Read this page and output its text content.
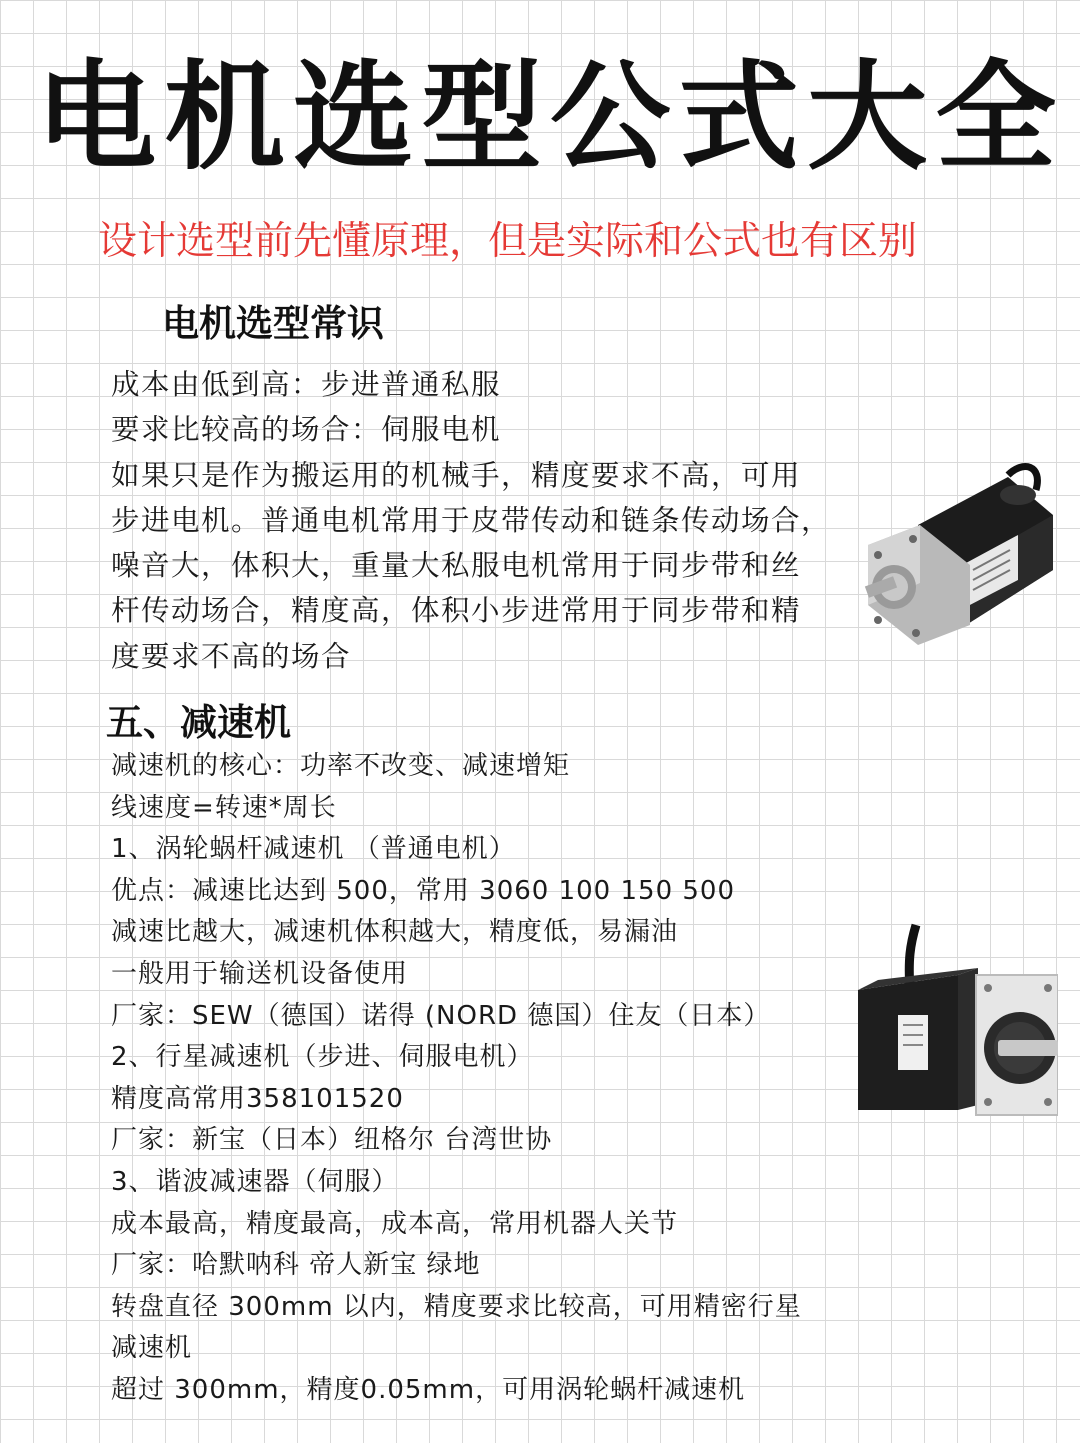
电机选型公式大全
设计选型前先懂原理，但是实际和公式也有区别
电机选型常识
成本由低到高：步进普通私服
要求比较高的场合：伺服电机
如果只是作为搬运用的机械手，精度要求不高，可用
步进电机。普通电机常用于皮带传动和链条传动场合，
噪音大，体积大，重量大私服电机常用于同步带和丝
杆传动场合，精度高，体积小步进常用于同步带和精
度要求不高的场合
五、减速机
减速机的核心：功率不改变、减速增矩
线速度=转速*周长
1、涡轮蜗杆减速机 （普通电机）
优点：减速比达到 500，常用 3060 100 150 500
减速比越大，减速机体积越大，精度低，易漏油
一般用于输送机设备使用
厂家：SEW（德国）诺得 (NORD 德国）住友（日本）
2、行星减速机（步进、伺服电机）
精度高常用358101520
厂家：新宝（日本）纽格尔 台湾世协
3、谐波减速器（伺服）
成本最高，精度最高，成本高，常用机器人关节
厂家：哈默呐科 帝人新宝 绿地
转盘直径 300mm 以内，精度要求比较高，可用精密行星
减速机
超过 300mm，精度0.05mm，可用涡轮蜗杆减速机
